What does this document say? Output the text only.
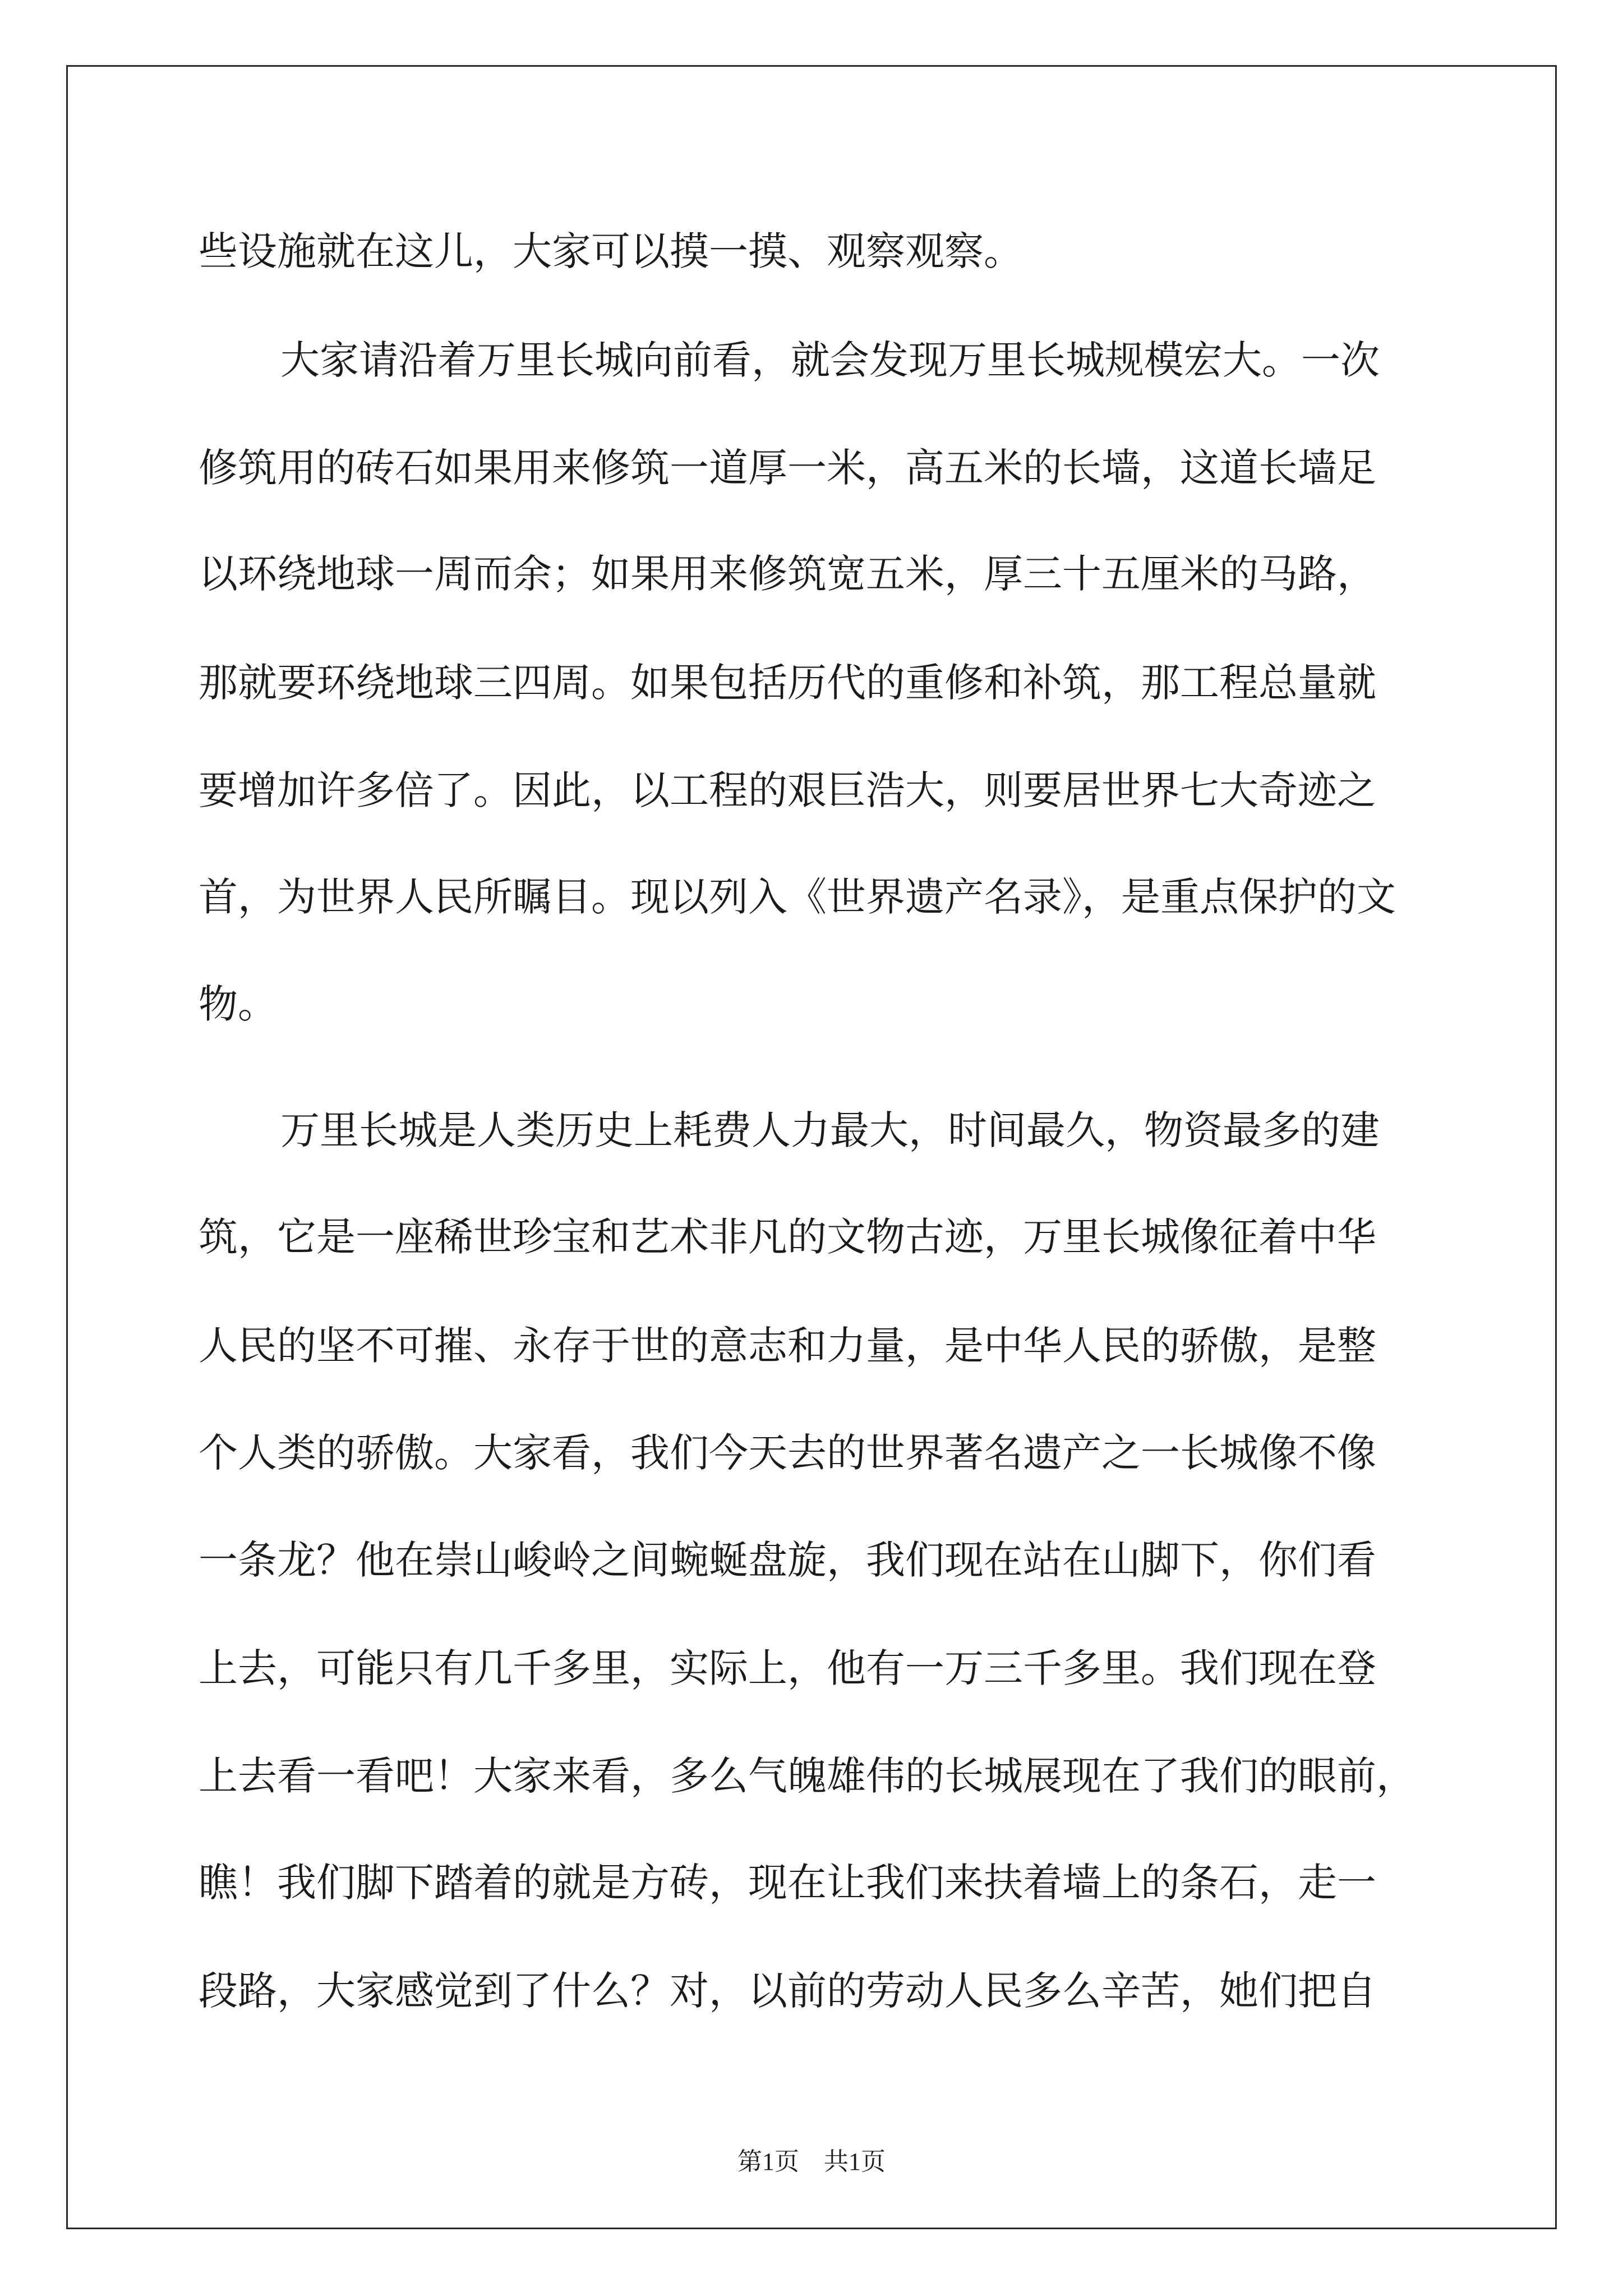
些设施就在这儿，大家可以摸一摸、观察观察。
大家请沿着万里长城向前看，就会发现万里长城规模宏大。一次
修筑用的砖石如果用来修筑一道厚一米，高五米的长墙，这道长墙足
以环绕地球一周而余；如果用来修筑宽五米，厚三十五厘米的马路，
那就要环绕地球三四周。如果包括历代的重修和补筑，那工程总量就
要增加许多倍了。因此，以工程的艰巨浩大，则要居世界七大奇迹之
首，为世界人民所瞩目。现以列入《世界遗产名录》，是重点保护的文
物。
万里长城是人类历史上耗费人力最大，时间最久，物资最多的建
筑，它是一座稀世珍宝和艺术非凡的文物古迹，万里长城像征着中华
人民的坚不可摧、永存于世的意志和力量，是中华人民的骄傲，是整
个人类的骄傲。大家看，我们今天去的世界著名遗产之一长城像不像
一条龙？他在崇山峻岭之间蜿蜒盘旋，我们现在站在山脚下，你们看
上去，可能只有几千多里，实际上，他有一万三千多里。我们现在登
上去看一看吧！大家来看，多么气魄雄伟的长城展现在了我们的眼前，
瞧！我们脚下踏着的就是方砖，现在让我们来扶着墙上的条石，走一
段路，大家感觉到了什么？对，以前的劳动人民多么辛苦，她们把自
第1页　共1页
